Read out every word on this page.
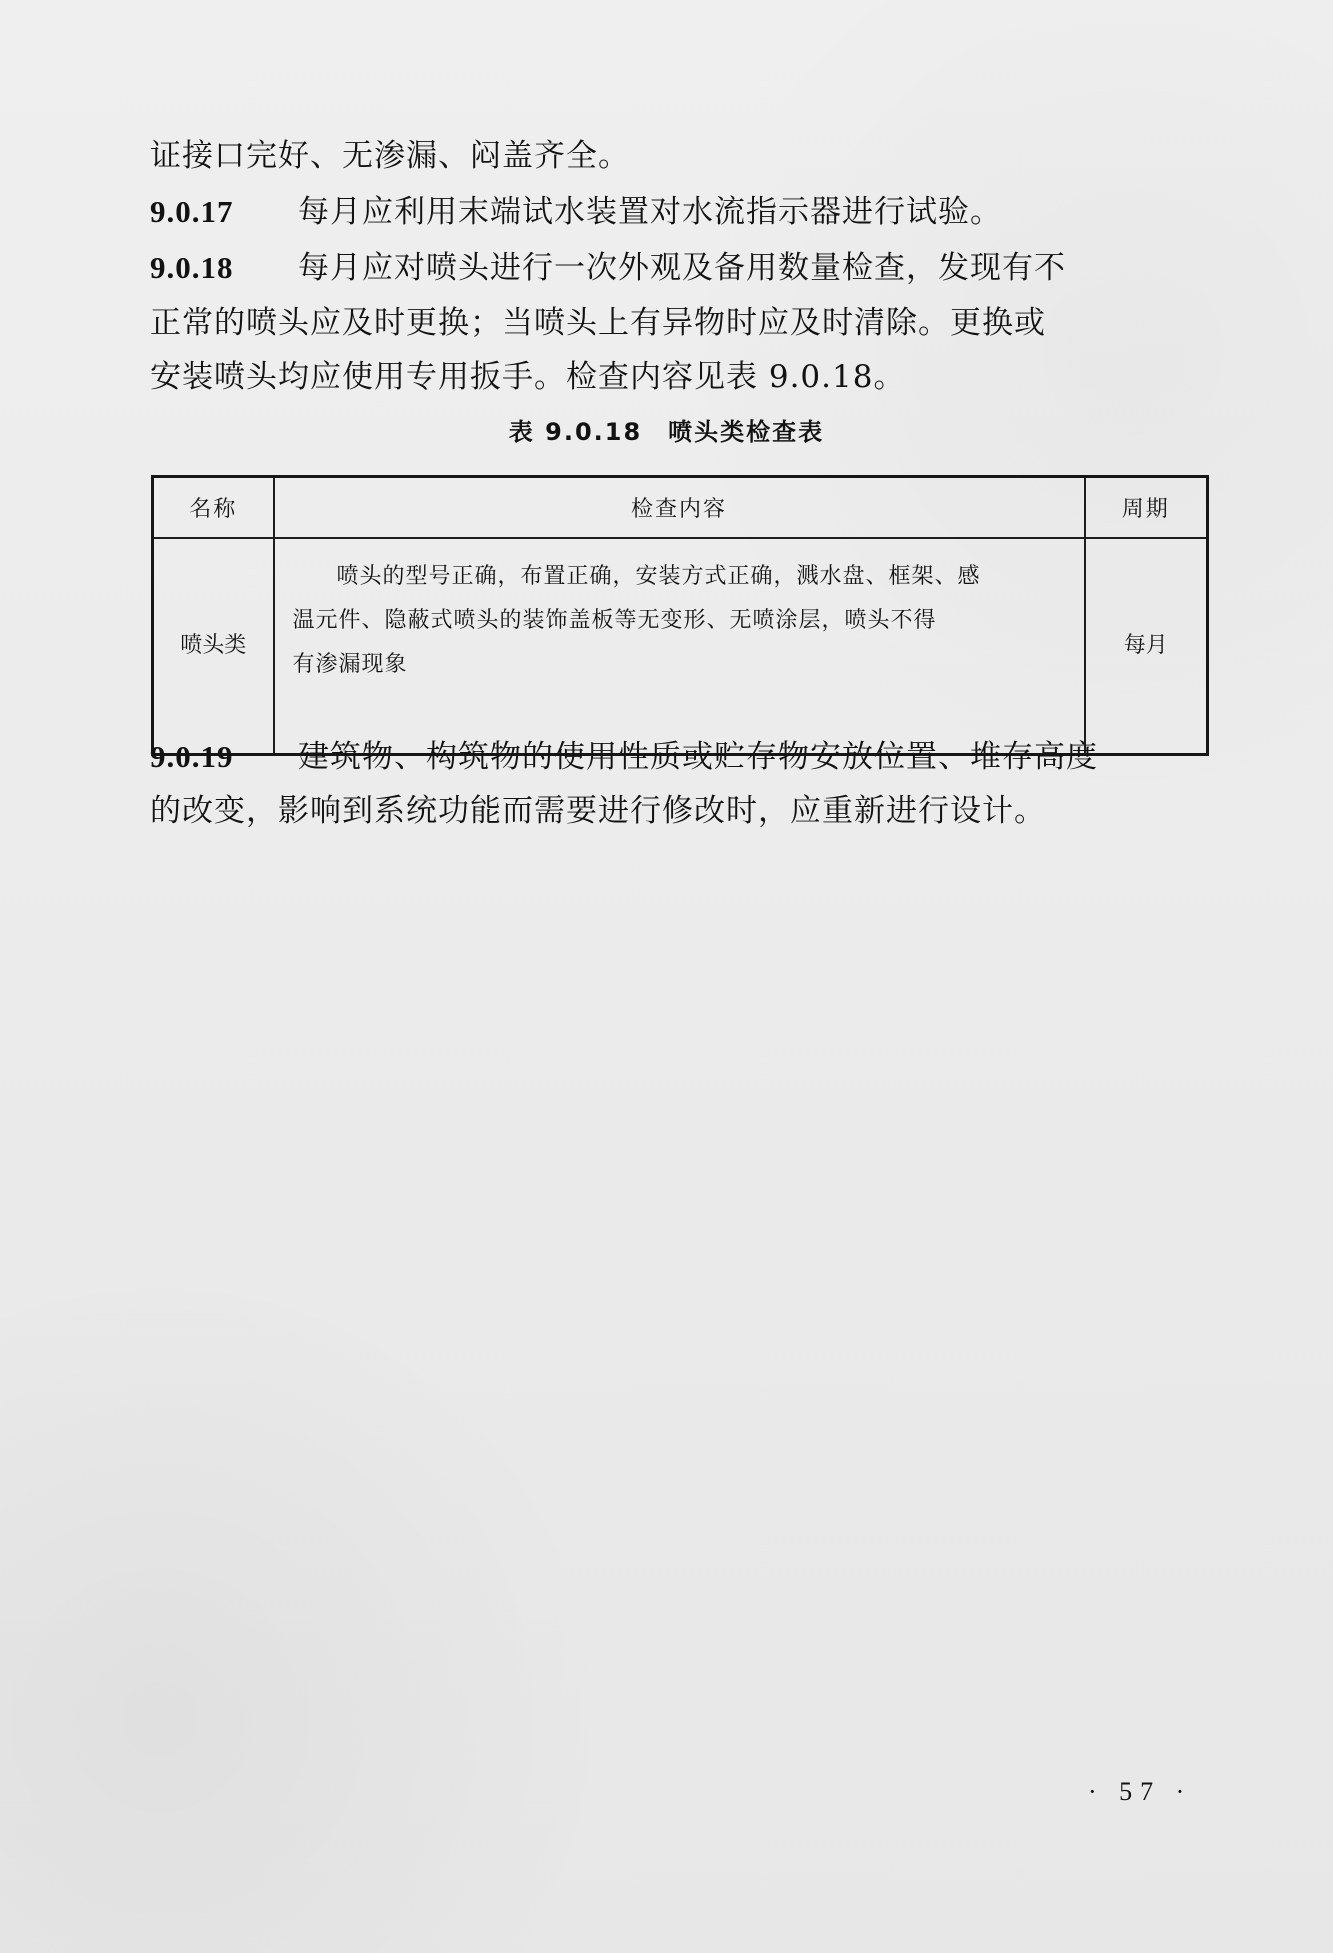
证接口完好、无渗漏、闷盖齐全。
9.0.17 每月应利用末端试水装置对水流指示器进行试验。
9.0.18 每月应对喷头进行一次外观及备用数量检查，发现有不
正常的喷头应及时更换；当喷头上有异物时应及时清除。更换或
安装喷头均应使用专用扳手。检查内容见表 9.0.18。
表 9.0.18　喷头类检查表
名称	检查内容	周期
喷头类	喷头的型号正确，布置正确，安装方式正确，溅水盘、框架、感
温元件、隐蔽式喷头的装饰盖板等无变形、无喷涂层，喷头不得
有渗漏现象	每月
9.0.19 建筑物、构筑物的使用性质或贮存物安放位置、堆存高度
的改变，影响到系统功能而需要进行修改时，应重新进行设计。
· 57 ·
